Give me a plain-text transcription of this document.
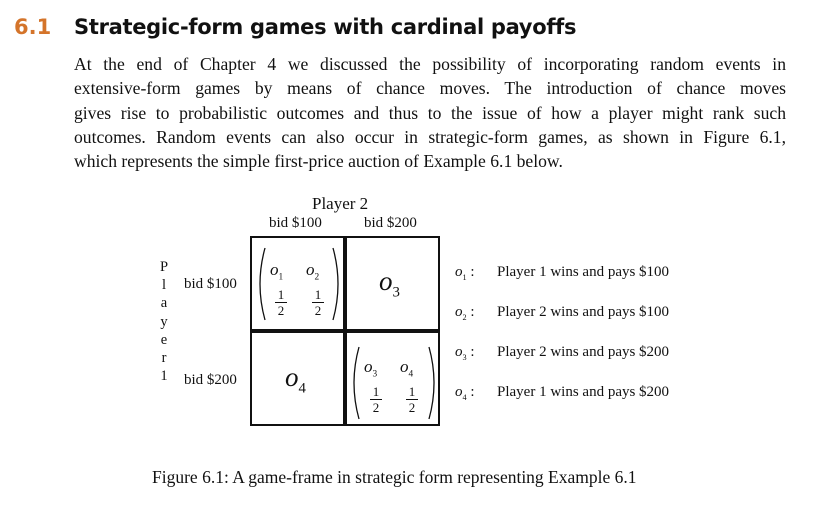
6.1 Strategic-form games with cardinal payoffs

At the end of Chapter 4 we discussed the possibility of incorporating random events in
extensive-form games by means of chance moves. The introduction of chance moves
gives rise to probabilistic outcomes and thus to the issue of how a player might rank such
outcomes. Random events can also occur in strategic-form games, as shown in Figure 6.1,
which represents the simple first-price auction of Example 6.1 below.

Player 2
bid $100	bid $200
P
l
a
y
e
r
1
bid $100
bid $200
$o_1$ $o_2$
1
2
1
2
$o_3$
$o_4$
$o_3$ $o_4$
1
2
1
2
$o_1$ : Player 1 wins and pays $100
$o_2$ : Player 2 wins and pays $100
$o_3$ : Player 2 wins and pays $200
$o_4$ : Player 1 wins and pays $200
Figure 6.1: A game-frame in strategic form representing Example 6.1
